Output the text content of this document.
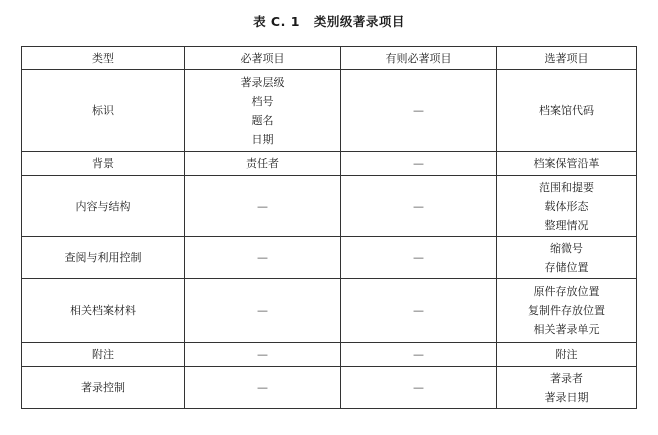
表 C. 1 类别级著录项目
类型	必著项目	有则必著项目	选著项目
标识	著录层级
档号
题名
日期	—	档案馆代码

背景	责任者	—	档案保管沿革

内容与结构	—	—	范围和提要
载体形态
整理情况

查阅与利用控制	—	—	缩微号
存储位置

相关档案材料	—	—	原件存放位置
复制件存放位置
相关著录单元

附注	—	—	附注

著录控制	—	—	著录者
著录日期
